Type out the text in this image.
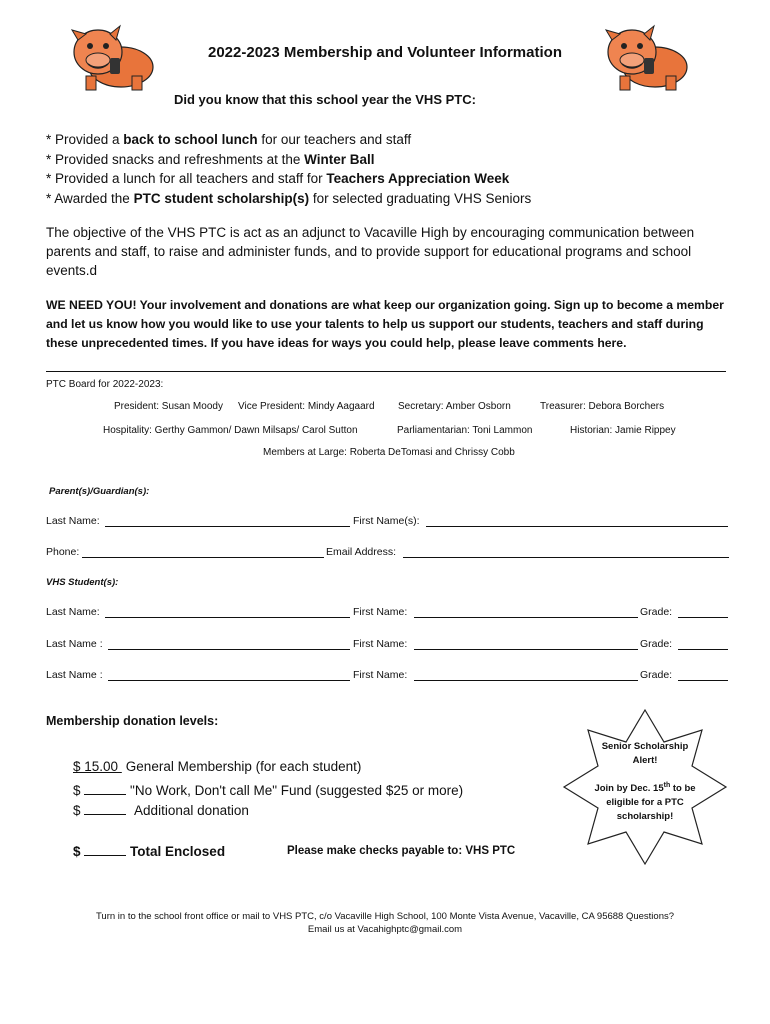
2022-2023 Membership and Volunteer Information
Did you know that this school year the VHS PTC:
* Provided a back to school lunch for our teachers and staff
* Provided snacks and refreshments at the Winter Ball
* Provided a lunch for all teachers and staff for Teachers Appreciation Week
* Awarded the PTC student scholarship(s) for selected graduating VHS Seniors
The objective of the VHS PTC is act as an adjunct to Vacaville High by encouraging communication between parents and staff, to raise and administer funds, and to provide support for educational programs and school events.d
WE NEED YOU! Your involvement and donations are what keep our organization going. Sign up to become a member and let us know how you would like to use your talents to help us support our students, teachers and staff during these unprecedented times. If you have ideas for ways you could help, please leave comments here.
PTC Board for 2022-2023:
President: Susan Moody Vice President: Mindy Aagaard Secretary: Amber Osborn	Treasurer: Debora Borchers
Hospitality: Gerthy Gammon/ Dawn Milsaps/ Carol Sutton	Parliamentarian: Toni Lammon	Historian: Jamie Rippey
Members at Large: Roberta DeTomasi and Chrissy Cobb
Parent(s)/Guardian(s):
Last Name:	First Name(s):
Phone:	Email Address:
VHS Student(s):
Last Name:	First Name:	Grade:
Last Name :	First Name:	Grade:
Last Name :	First Name:	Grade:
Membership donation levels:
$ 15.00 General Membership (for each student)
$	"No Work, Don't call Me" Fund (suggested $25 or more)
$	Additional donation
$	Total Enclosed	Please make checks payable to: VHS PTC
Senior Scholarship Alert!
Join by Dec. 15th to be eligible for a PTC scholarship!
Turn in to the school front office or mail to VHS PTC, c/o Vacaville High School, 100 Monte Vista Avenue, Vacaville, CA 95688 Questions?
Email us at Vacahighptc@gmail.com
